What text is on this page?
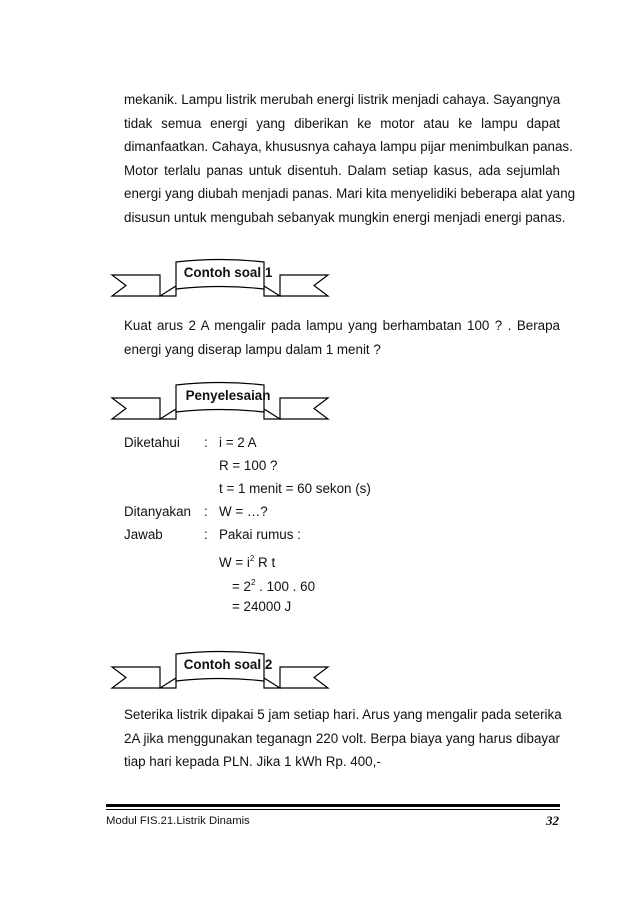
mekanik. Lampu listrik merubah energi listrik menjadi cahaya. Sayangnya
tidak semua energi yang diberikan ke motor atau ke lampu dapat
dimanfaatkan. Cahaya, khususnya cahaya lampu pijar menimbulkan panas.
Motor terlalu panas untuk disentuh. Dalam setiap kasus, ada sejumlah
energi yang diubah menjadi panas. Mari kita menyelidiki beberapa alat yang
disusun untuk mengubah sebanyak mungkin energi menjadi energi panas.
Contoh soal 1
Kuat arus 2 A mengalir pada lampu yang berhambatan 100 ? . Berapa
energi yang diserap lampu dalam 1 menit ?
Penyelesaian
Diketahui : i = 2 A
R = 100 ?
t = 1 menit = 60 sekon (s)
Ditanyakan : W = …?
Jawab	: Pakai rumus :
$W = i^2$ R t
= $2^2$ . 100 . 60
= 24000 J
Contoh soal 2
Seterika listrik dipakai 5 jam setiap hari. Arus yang mengalir pada seterika
2A jika menggunakan teganagn 220 volt. Berpa biaya yang harus dibayar
tiap hari kepada PLN. Jika 1 kWh Rp. 400,-
Modul FIS.21.Listrik Dinamis	32
